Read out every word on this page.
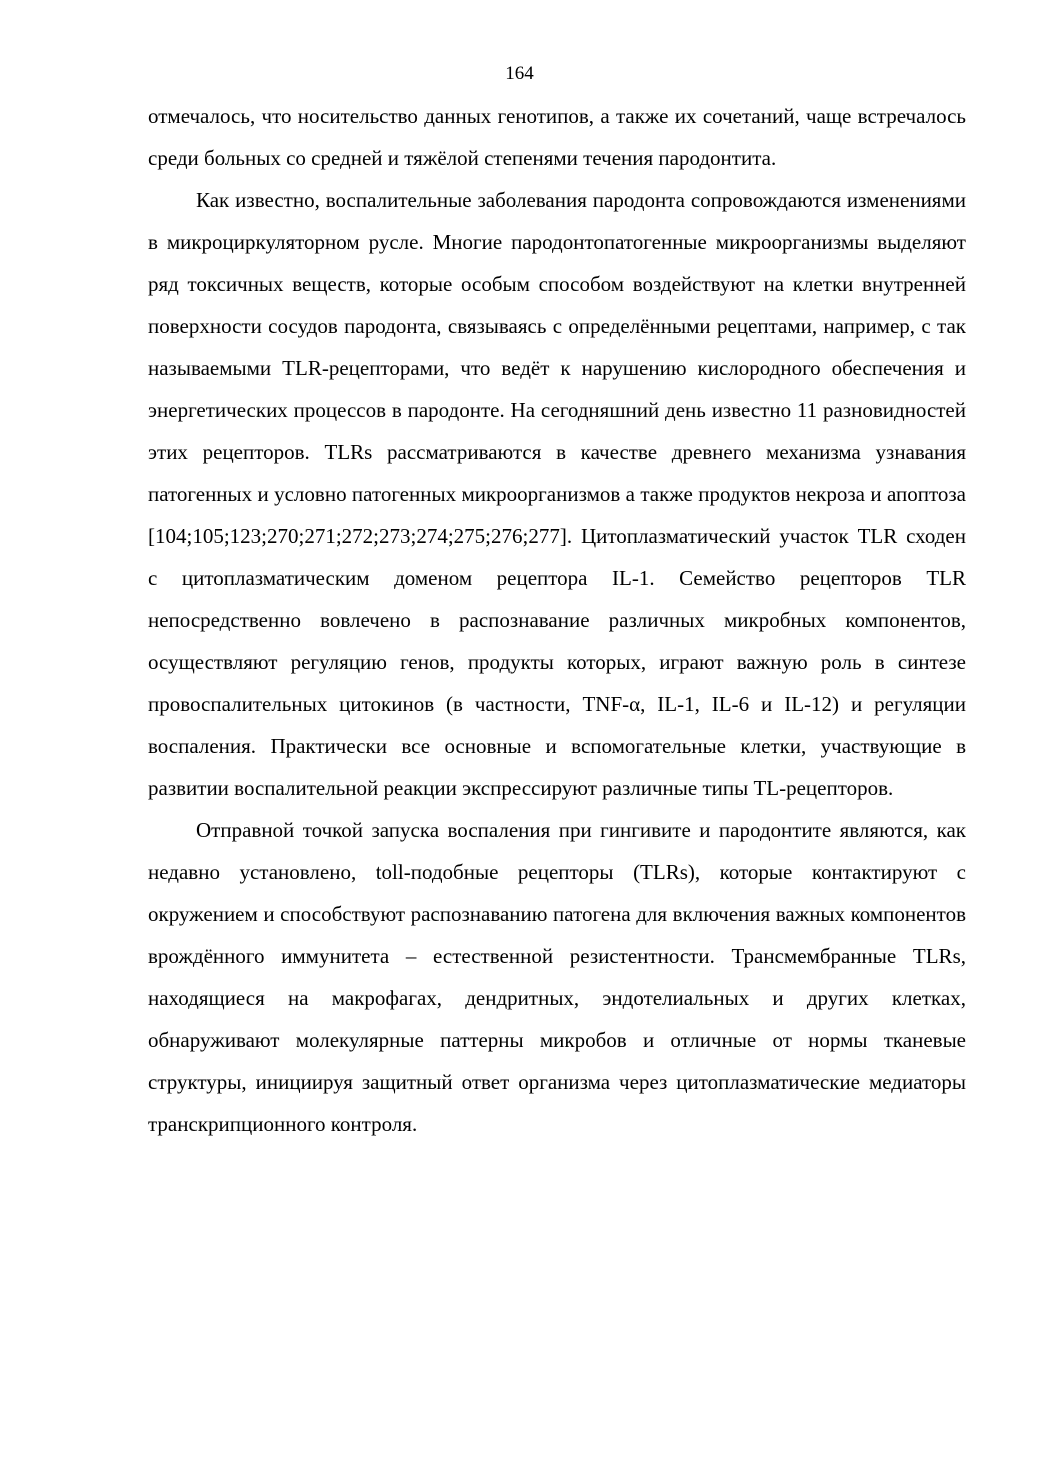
164

отмечалось, что носительство данных генотипов, а также их сочетаний, чаще встречалось среди больных со средней и тяжёлой степенями течения пародонтита.

Как известно, воспалительные заболевания пародонта сопровождаются изменениями в микроциркуляторном русле. Многие пародонтопатогенные микроорганизмы выделяют ряд токсичных веществ, которые особым способом воздействуют на клетки внутренней поверхности сосудов пародонта, связываясь с определёнными рецептами, например, с так называемыми TLR-рецепторами, что ведёт к нарушению кислородного обеспечения и энергетических процессов в пародонте. На сегодняшний день известно 11 разновидностей этих рецепторов. TLRs рассматриваются в качестве древнего механизма узнавания патогенных и условно патогенных микроорганизмов а также продуктов некроза и апоптоза [104;105;123;270;271;272;273;274;275;276;277]. Цитоплазматический участок TLR сходен с цитоплазматическим доменом рецептора IL-1. Семейство рецепторов TLR непосредственно вовлечено в распознавание различных микробных компонентов, осуществляют регуляцию генов, продукты которых, играют важную роль в синтезе провоспалительных цитокинов (в частности, TNF-α, IL-1, IL-6 и IL-12) и регуляции воспаления. Практически все основные и вспомогательные клетки, участвующие в развитии воспалительной реакции экспрессируют различные типы TL-рецепторов.

Отправной точкой запуска воспаления при гингивите и пародонтите являются, как недавно установлено, toll-подобные рецепторы (TLRs), которые контактируют с окружением и способствуют распознаванию патогена для включения важных компонентов врождённого иммунитета – естественной резистентности. Трансмембранные TLRs, находящиеся на макрофагах, дендритных, эндотелиальных и других клетках, обнаруживают молекулярные паттерны микробов и отличные от нормы тканевые структуры, инициируя защитный ответ организма через цитоплазматические медиаторы транскрипционного контроля.
